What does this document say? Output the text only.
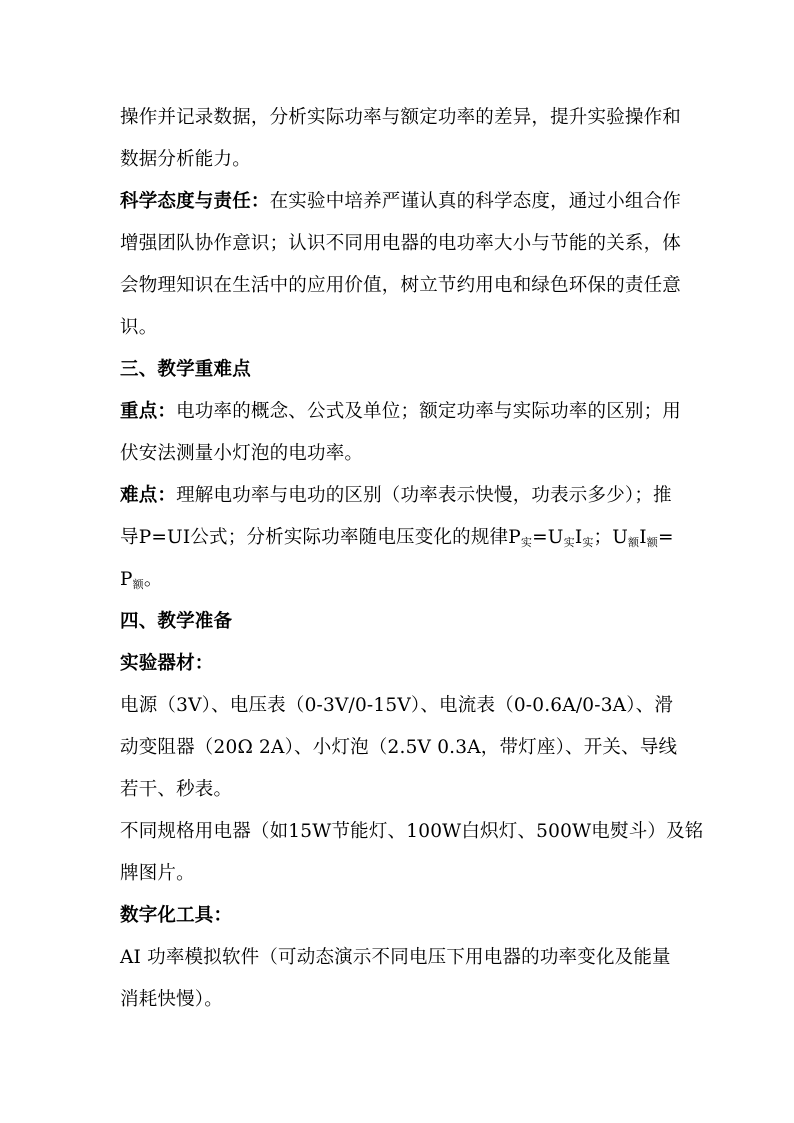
操作并记录数据，分析实际功率与额定功率的差异，提升实验操作和
数据分析能力。
科学态度与责任：在实验中培养严谨认真的科学态度，通过小组合作
增强团队协作意识；认识不同用电器的电功率大小与节能的关系，体
会物理知识在生活中的应用价值，树立节约用电和绿色环保的责任意
识。
三、教学重难点
重点：电功率的概念、公式及单位；额定功率与实际功率的区别；用
伏安法测量小灯泡的电功率。
难点：理解电功率与电功的区别（功率表示快慢，功表示多少）；推
导P=UI公式；分析实际功率随电压变化的规律$P_实=U_实I_实$；$U_额I_额=$
$P_额$。
四、教学准备
实验器材：
电源（3V）、电压表（0-3V/0-15V）、电流表（0-0.6A/0-3A）、滑
动变阻器（20Ω 2A）、小灯泡（2.5V 0.3A，带灯座）、开关、导线
若干、秒表。
不同规格用电器（如15W节能灯、100W白炽灯、500W电熨斗）及铭
牌图片。
数字化工具：
AI 功率模拟软件（可动态演示不同电压下用电器的功率变化及能量
消耗快慢）。
